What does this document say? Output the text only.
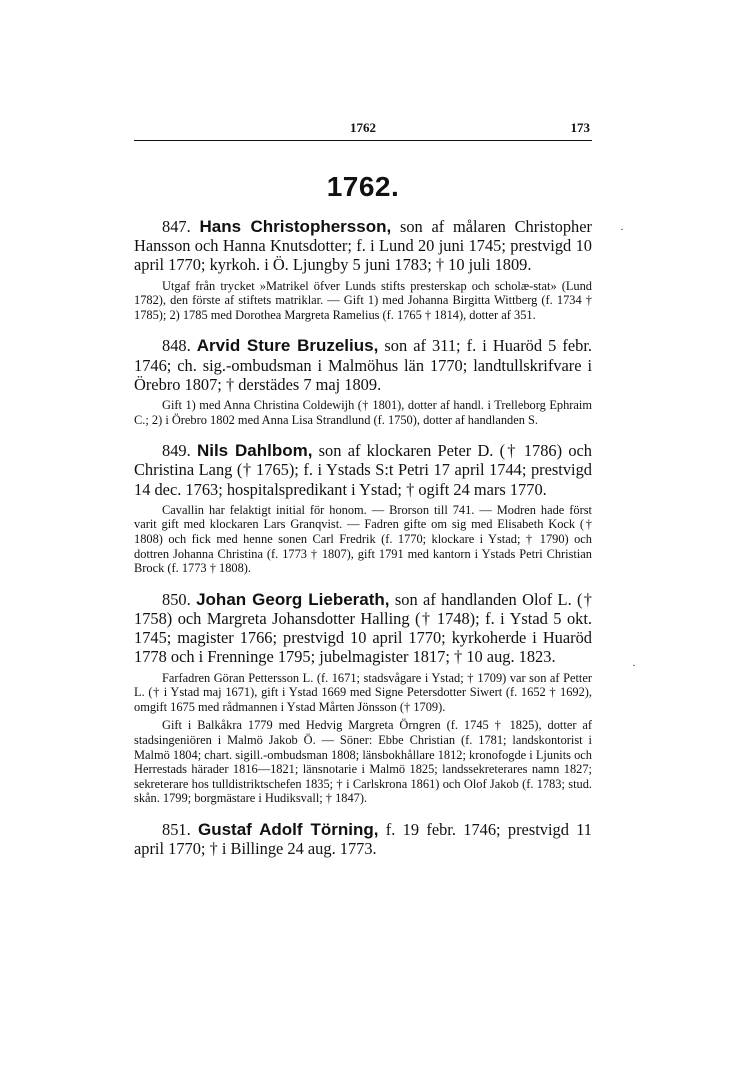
1762	173
1762.

847. Hans Christophersson, son af målaren Christopher Hansson och Hanna Knutsdotter; f. i Lund 20 juni 1745; prestvigd 10 april 1770; kyrkoh. i Ö. Ljungby 5 juni 1783; † 10 juli 1809.

Utgaf från trycket »Matrikel öfver Lunds stifts presterskap och scholæ-stat» (Lund 1782), den förste af stiftets matriklar. — Gift 1) med Johanna Birgitta Wittberg (f. 1734 † 1785); 2) 1785 med Dorothea Margreta Ramelius (f. 1765 † 1814), dotter af 351.

848. Arvid Sture Bruzelius, son af 311; f. i Huaröd 5 febr. 1746; ch. sig.-ombudsman i Malmöhus län 1770; landtullskrifvare i Örebro 1807; † derstädes 7 maj 1809.

Gift 1) med Anna Christina Coldewijh († 1801), dotter af handl. i Trelleborg Ephraim C.; 2) i Örebro 1802 med Anna Lisa Strandlund (f. 1750), dotter af handlanden S.

849. Nils Dahlbom, son af klockaren Peter D. († 1786) och Christina Lang († 1765); f. i Ystads S:t Petri 17 april 1744; prestvigd 14 dec. 1763; hospitalspredikant i Ystad; † ogift 24 mars 1770.

Cavallin har felaktigt initial för honom. — Brorson till 741. — Modren hade först varit gift med klockaren Lars Granqvist. — Fadren gifte om sig med Elisabeth Kock († 1808) och fick med henne sonen Carl Fredrik (f. 1770; klockare i Ystad; † 1790) och dottren Johanna Christina (f. 1773 † 1807), gift 1791 med kantorn i Ystads Petri Christian Brock (f. 1773 † 1808).

850. Johan Georg Lieberath, son af handlanden Olof L. († 1758) och Margreta Johansdotter Halling († 1748); f. i Ystad 5 okt. 1745; magister 1766; prestvigd 10 april 1770; kyrkoherde i Huaröd 1778 och i Frenninge 1795; jubelmagister 1817; † 10 aug. 1823.

Farfadren Göran Pettersson L. (f. 1671; stadsvågare i Ystad; † 1709) var son af Petter L. († i Ystad maj 1671), gift i Ystad 1669 med Signe Petersdotter Siwert (f. 1652 † 1692), omgift 1675 med rådmannen i Ystad Mårten Jönsson († 1709).

Gift i Balkåkra 1779 med Hedvig Margreta Örngren (f. 1745 † 1825), dotter af stadsingeniören i Malmö Jakob Ö. — Söner: Ebbe Christian (f. 1781; landskontorist i Malmö 1804; chart. sigill.-ombudsman 1808; länsbokhållare 1812; kronofogde i Ljunits och Herrestads härader 1816—1821; länsnotarie i Malmö 1825; landssekreterares namn 1827; sekreterare hos tulldistriktschefen 1835; † i Carlskrona 1861) och Olof Jakob (f. 1783; stud. skån. 1799; borgmästare i Hudiksvall; † 1847).

851. Gustaf Adolf Törning, f. 19 febr. 1746; prestvigd 11 april 1770; † i Billinge 24 aug. 1773.

·
·
